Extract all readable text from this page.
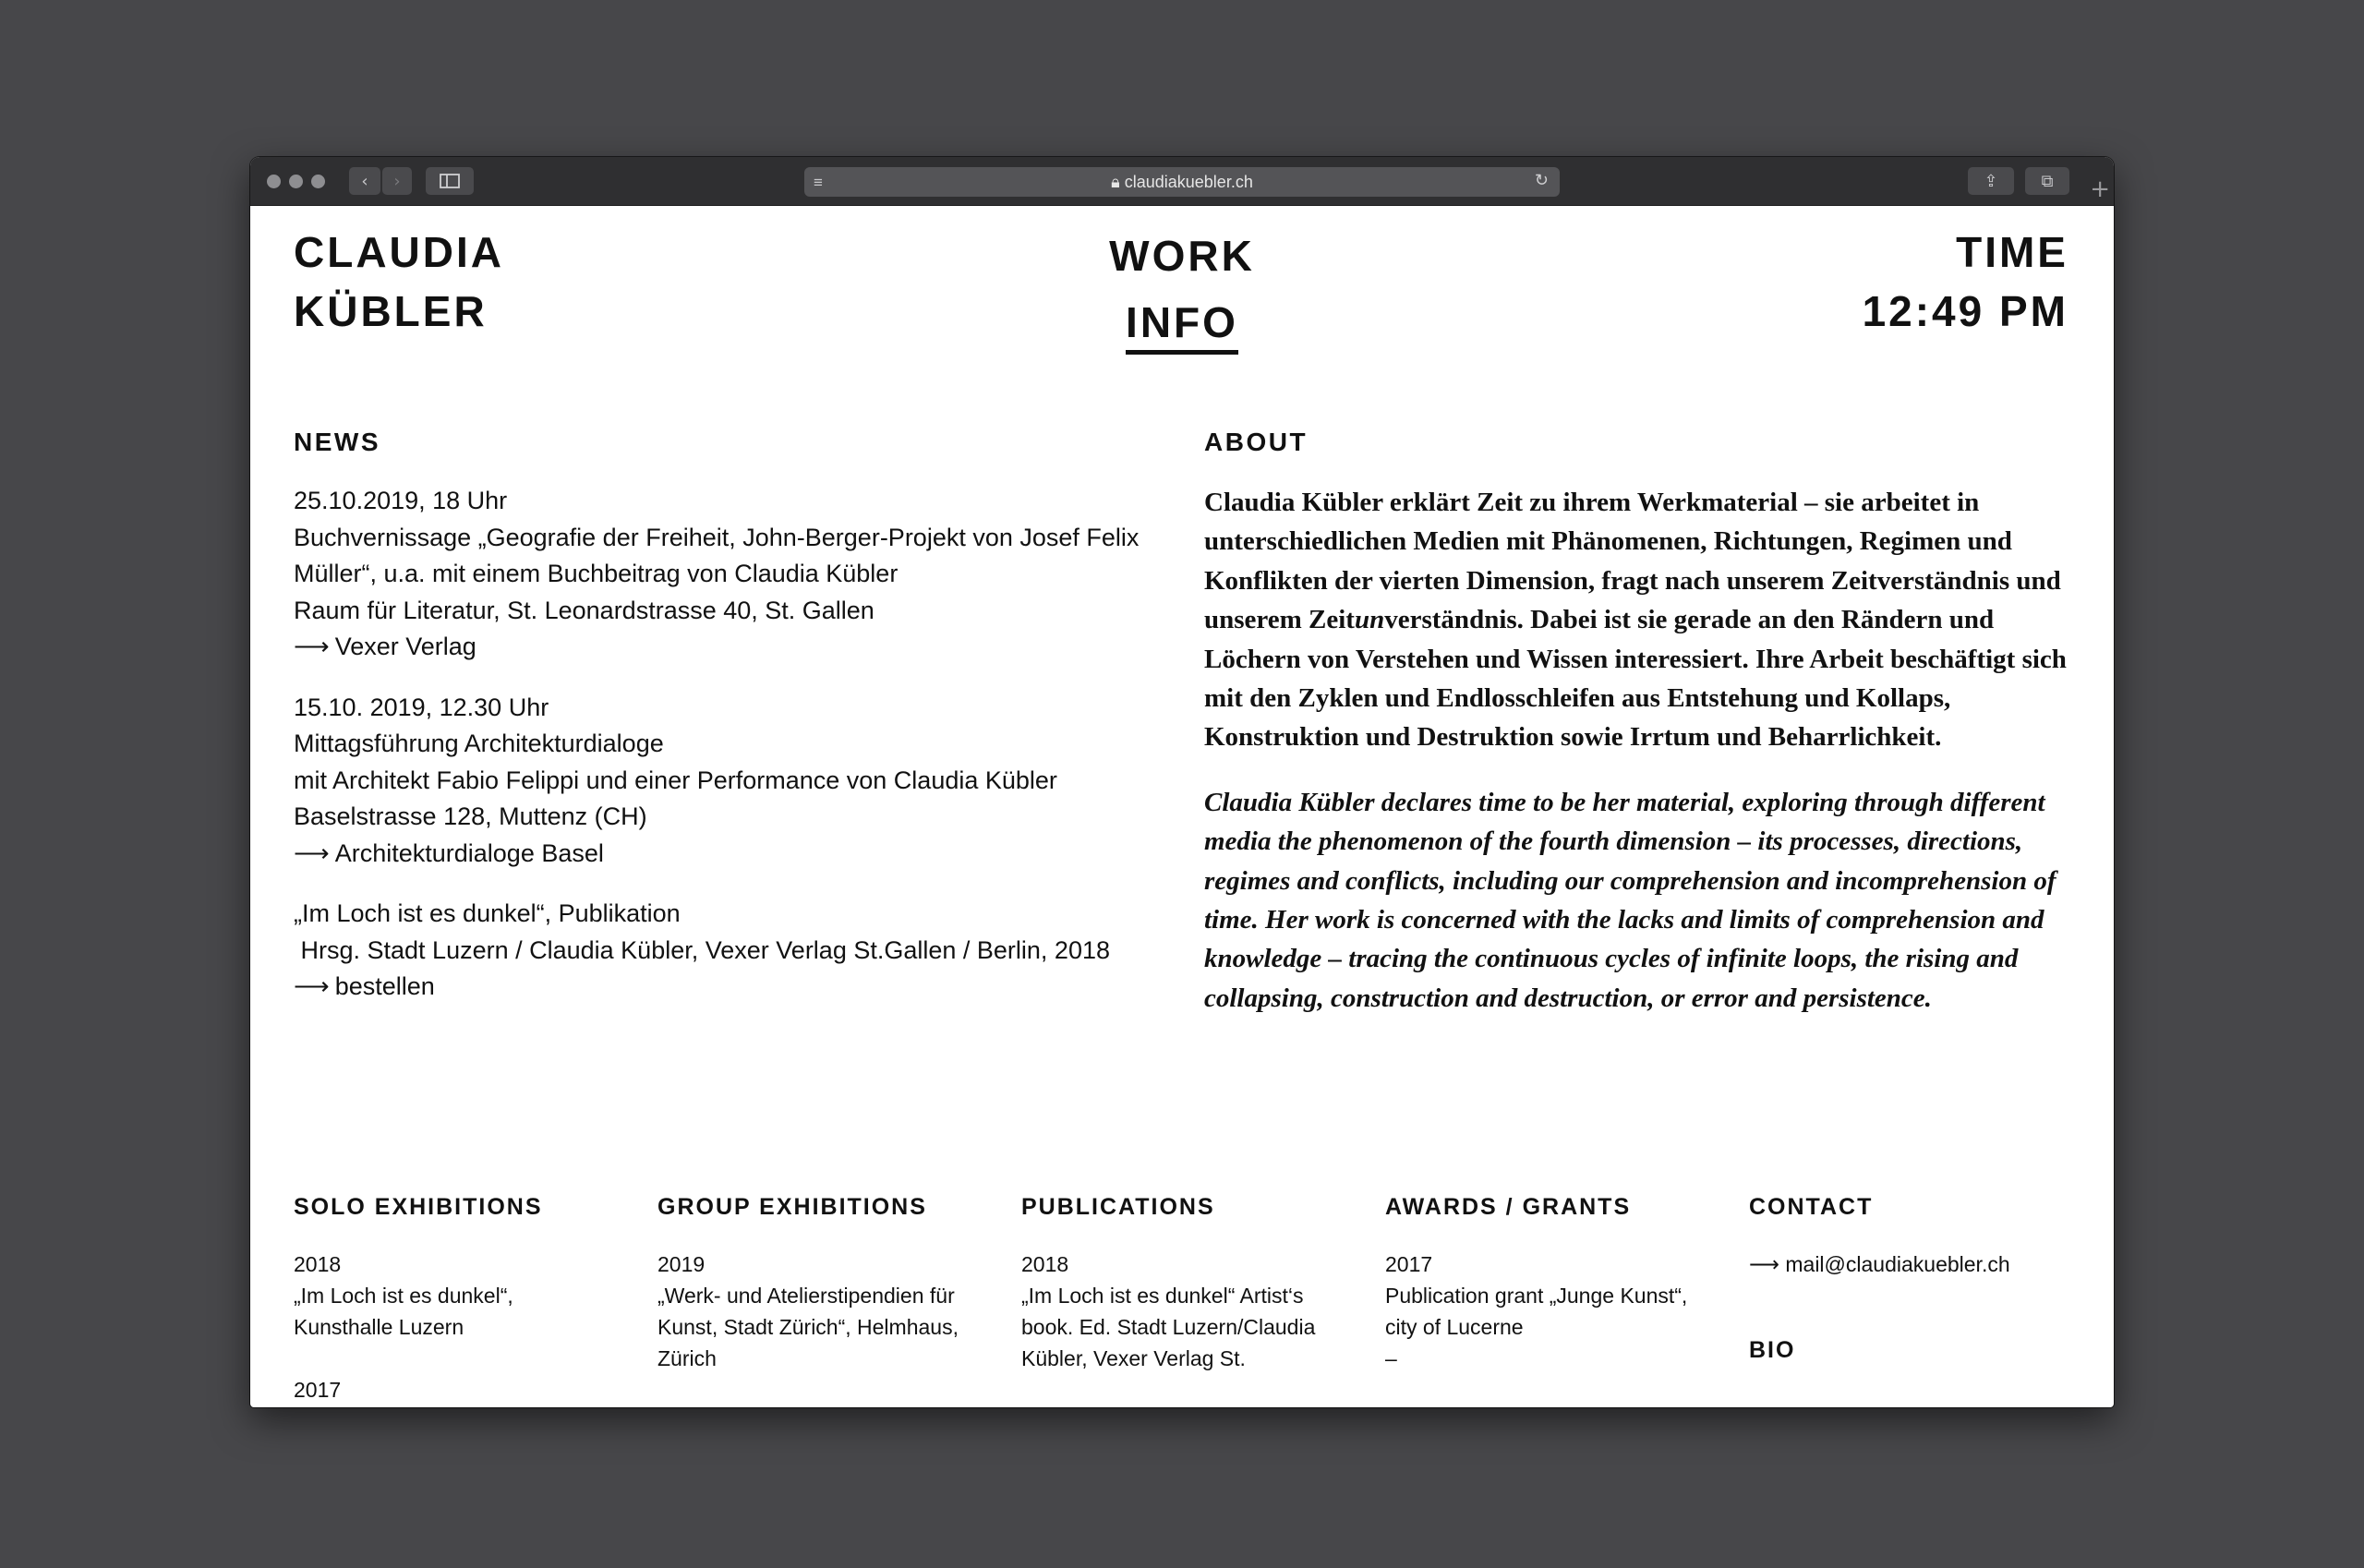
‹	›	≡	🔒︎ claudiakuebler.ch	↻	⇪	⧉	+
CLAUDIA
KÜBLER
WORK
INFO
TIME
12:49 PM
NEWS
25.10.2019, 18 Uhr
Buchvernissage „Geografie der Freiheit, John-Berger-Projekt von Josef Felix
Müller“, u.a. mit einem Buchbeitrag von Claudia Kübler
Raum für Literatur, St. Leonardstrasse 40, St. Gallen
⟶ Vexer Verlag
15.10. 2019, 12.30 Uhr
Mittagsführung Architekturdialoge
mit Architekt Fabio Felippi und einer Performance von Claudia Kübler
Baselstrasse 128, Muttenz (CH)
⟶ Architekturdialoge Basel
„Im Loch ist es dunkel“, Publikation
Hrsg. Stadt Luzern / Claudia Kübler, Vexer Verlag St.Gallen / Berlin, 2018
⟶ bestellen
ABOUT

Claudia Kübler erklärt Zeit zu ihrem Werkmaterial – sie arbeitet in unterschiedlichen Medien mit Phänomenen, Richtungen, Regimen und Konflikten der vierten Dimension, fragt nach unserem Zeitverständnis und unserem Zeitunverständnis. Dabei ist sie gerade an den Rändern und Löchern von Verstehen und Wissen interessiert. Ihre Arbeit beschäftigt sich mit den Zyklen und Endlosschleifen aus Entstehung und Kollaps, Konstruktion und Destruktion sowie Irrtum und Beharrlichkeit.

Claudia Kübler declares time to be her material, exploring through different media the phenomenon of the fourth dimension – its processes, directions, regimes and conflicts, including our comprehension and incomprehension of time. Her work is concerned with the lacks and limits of comprehension and knowledge – tracing the continuous cycles of infinite loops, the rising and collapsing, construction and destruction, or error and persistence.

SOLO EXHIBITIONS
2018
„Im Loch ist es dunkel“,
Kunsthalle Luzern
2017
GROUP EXHIBITIONS
2019
„Werk- und Atelierstipendien für
Kunst, Stadt Zürich“, Helmhaus,
Zürich
PUBLICATIONS
2018
„Im Loch ist es dunkel“ Artist‘s
book. Ed. Stadt Luzern/Claudia
Kübler, Vexer Verlag St.
AWARDS / GRANTS
2017
Publication grant „Junge Kunst“,
city of Lucerne
–
CONTACT
⟶ mail@claudiakuebler.ch
BIO
